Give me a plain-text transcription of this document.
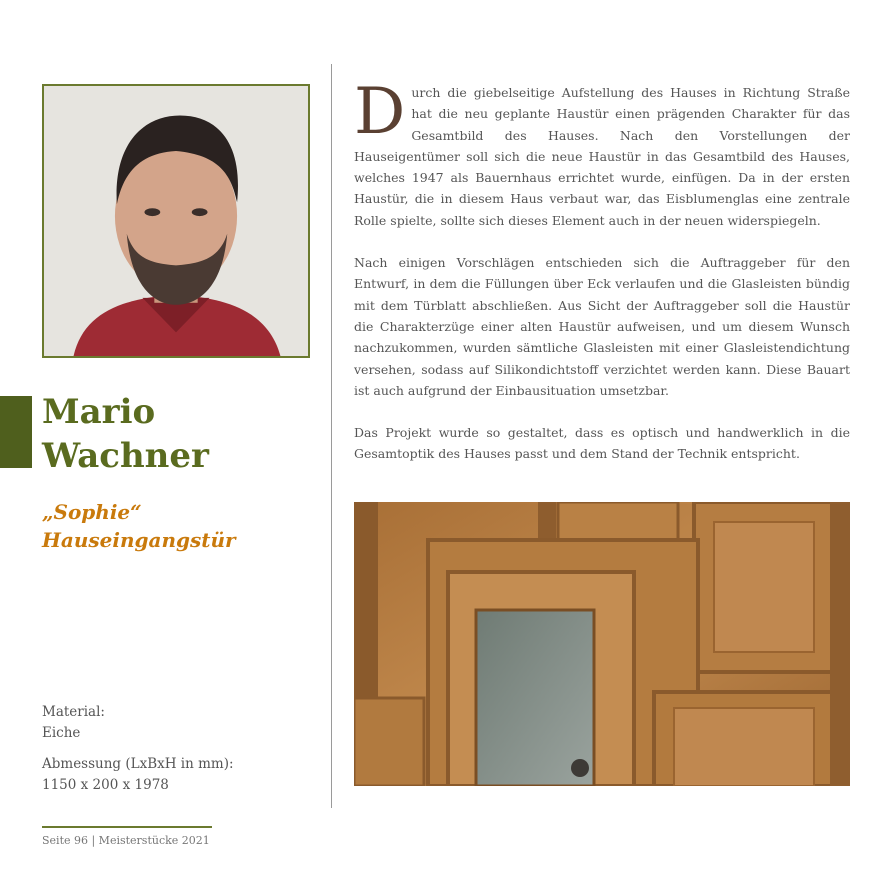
Mario
Wachner
„Sophie“
Hauseingangstür
Material:
Eiche
Abmessung (LxBxH in mm):
1150 x 200 x 1978
Seite 96 | Meisterstücke 2021

Durch die giebelseitige Aufstellung des Hauses in Richtung Straße hat die neu geplante Haustür einen prägenden Charakter für das Gesamtbild des Hauses. Nach den Vorstellungen der Hauseigentümer soll sich die neue Haustür in das Gesamtbild des Hauses, welches 1947 als Bauernhaus errichtet wurde, einfügen. Da in der ersten Haustür, die in diesem Haus verbaut war, das Eisblumenglas eine zentrale Rolle spielte, sollte sich dieses Element auch in der neuen widerspiegeln.

Nach einigen Vorschlägen entschieden sich die Auftraggeber für den Entwurf, in dem die Füllungen über Eck verlaufen und die Glasleisten bündig mit dem Türblatt abschließen. Aus Sicht der Auftraggeber soll die Haustür die Charakterzüge einer alten Haustür aufweisen, und um diesem Wunsch nachzukommen, wurden sämtliche Glasleisten mit einer Glasleistendichtung versehen, sodass auf Silikondichtstoff verzichtet werden kann. Diese Bauart ist auch aufgrund der Einbausituation umsetzbar.

Das Projekt wurde so gestaltet, dass es optisch und handwerklich in die Gesamtoptik des Hauses passt und dem Stand der Technik entspricht.
